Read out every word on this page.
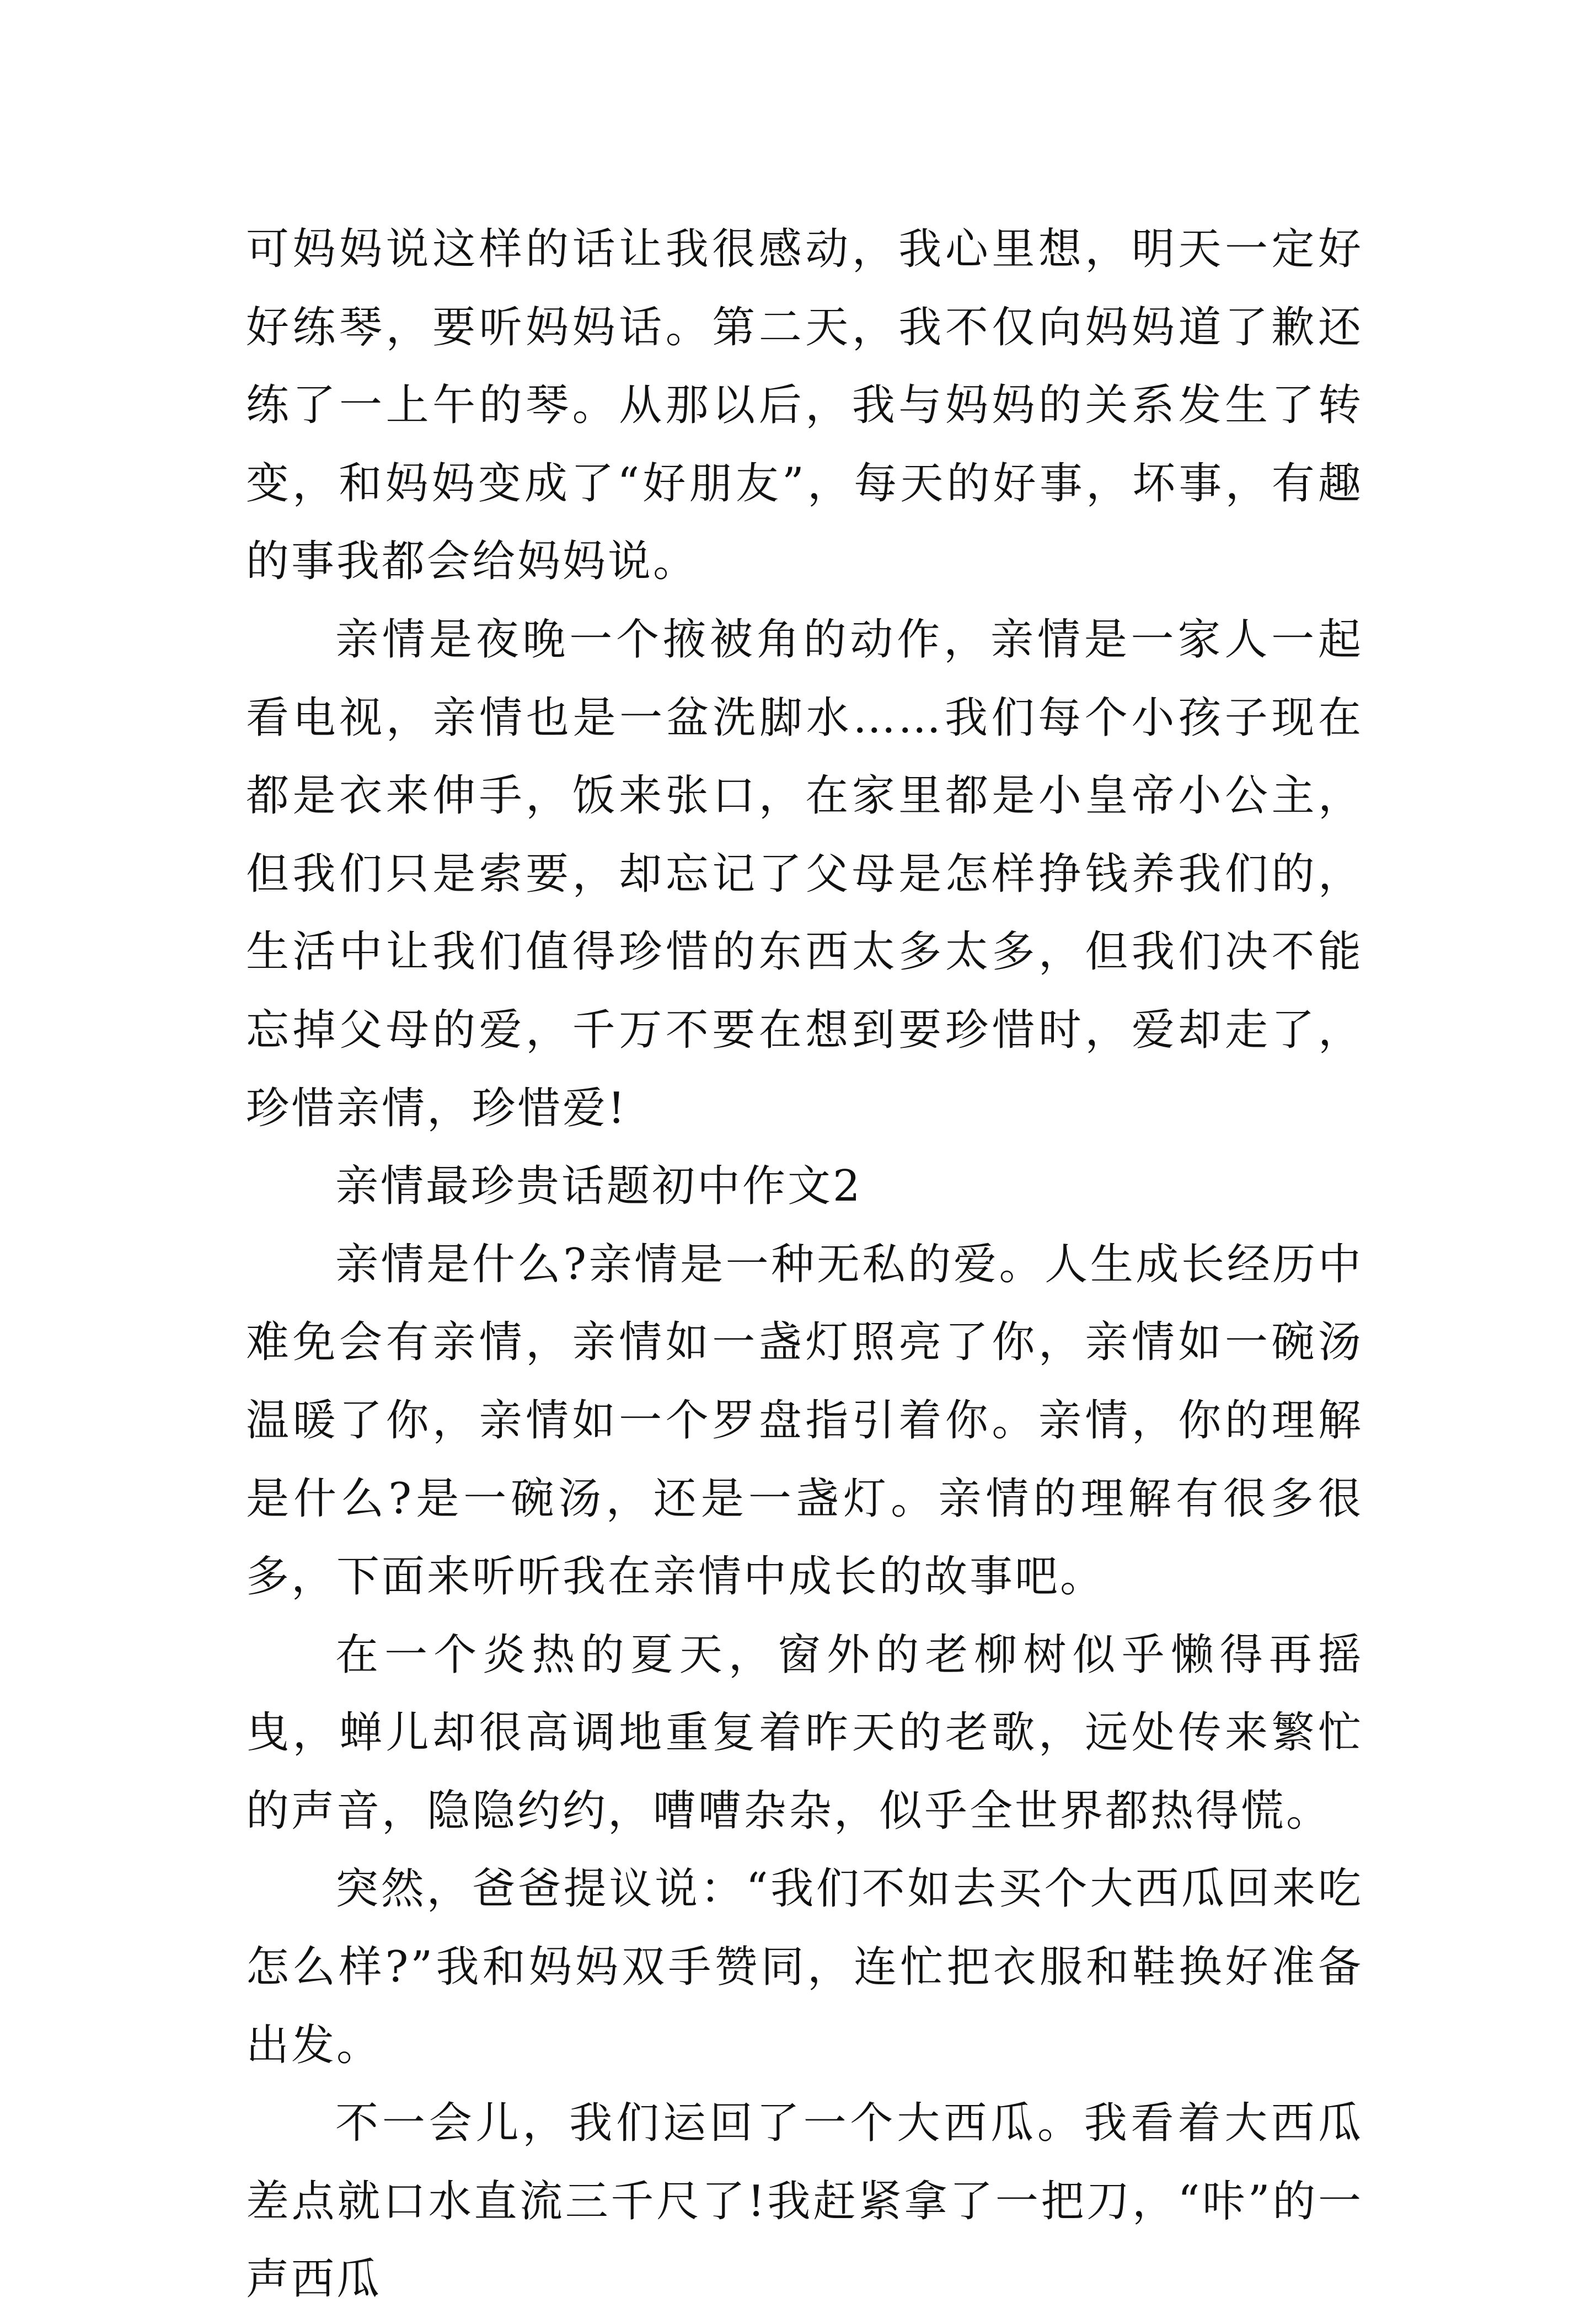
可妈妈说这样的话让我很感动，我心里想，明天一定好好练琴，要听妈妈话。第二天，我不仅向妈妈道了歉还练了一上午的琴。从那以后，我与妈妈的关系发生了转变，和妈妈变成了“好朋友”，每天的好事，坏事，有趣的事我都会给妈妈说。

亲情是夜晚一个掖被角的动作，亲情是一家人一起看电视，亲情也是一盆洗脚水……我们每个小孩子现在都是衣来伸手，饭来张口，在家里都是小皇帝小公主，但我们只是索要，却忘记了父母是怎样挣钱养我们的，生活中让我们值得珍惜的东西太多太多，但我们决不能忘掉父母的爱，千万不要在想到要珍惜时，爱却走了，珍惜亲情，珍惜爱!

亲情最珍贵话题初中作文2

亲情是什么?亲情是一种无私的爱。人生成长经历中难免会有亲情，亲情如一盏灯照亮了你，亲情如一碗汤温暖了你，亲情如一个罗盘指引着你。亲情，你的理解是什么?是一碗汤，还是一盏灯。亲情的理解有很多很多，下面来听听我在亲情中成长的故事吧。

在一个炎热的夏天，窗外的老柳树似乎懒得再摇曳，蝉儿却很高调地重复着昨天的老歌，远处传来繁忙的声音，隐隐约约，嘈嘈杂杂，似乎全世界都热得慌。

突然，爸爸提议说：“我们不如去买个大西瓜回来吃怎么样?”我和妈妈双手赞同，连忙把衣服和鞋换好准备出发。

不一会儿，我们运回了一个大西瓜。我看着大西瓜差点就口水直流三千尺了!我赶紧拿了一把刀，“咔”的一声西瓜
